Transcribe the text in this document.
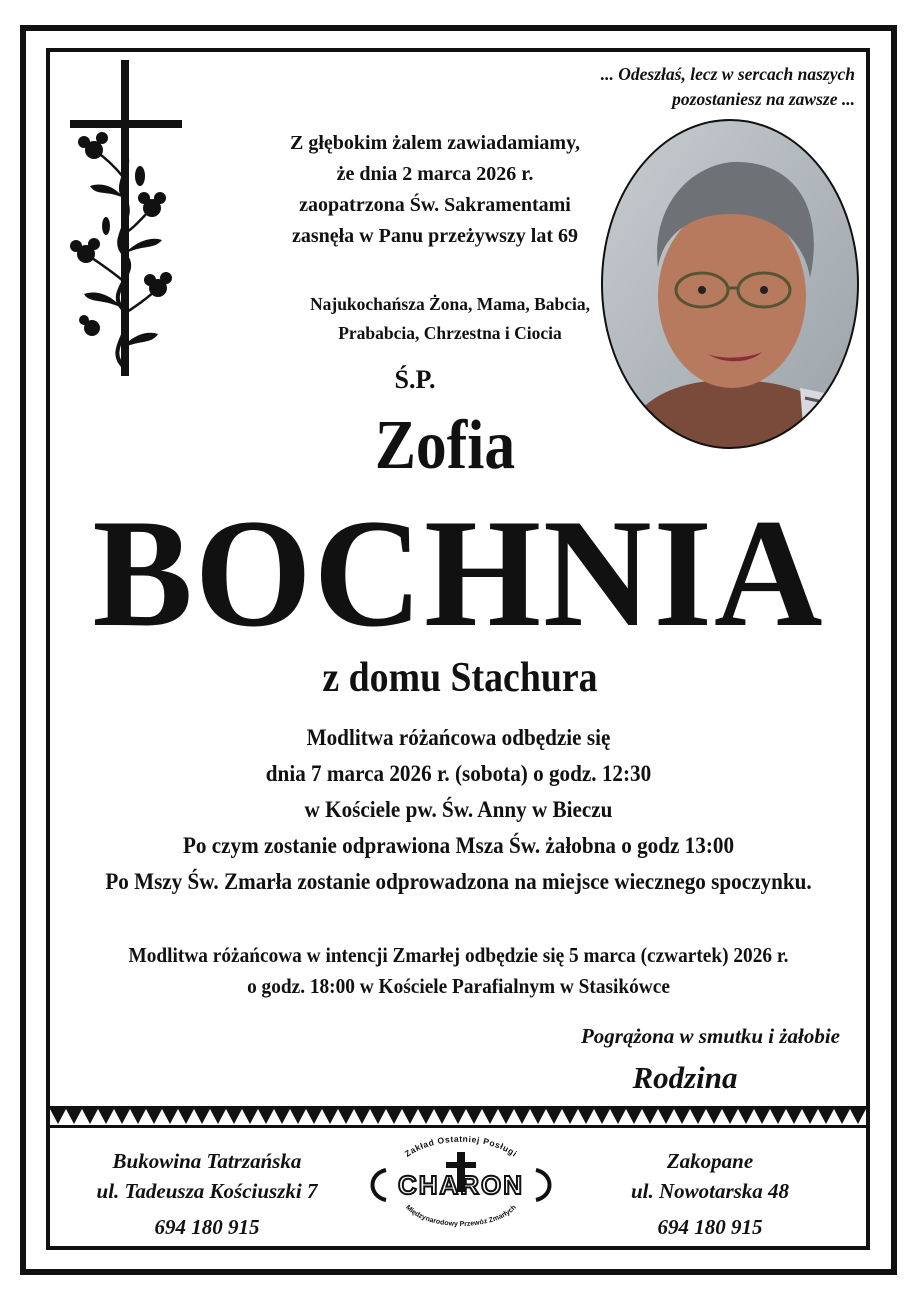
... Odeszłaś, lecz w sercach naszych
pozostaniesz na zawsze ...
Z głębokim żalem zawiadamiamy,
że dnia 2 marca 2026 r.
zaopatrzona Św. Sakramentami
zasnęła w Panu przeżywszy lat 69
Najukochańsza Żona, Mama, Babcia,
Prababcia, Chrzestna i Ciocia
Ś.P.
Zofia
BOCHNIA
z domu Stachura
Modlitwa różańcowa odbędzie się
dnia 7 marca 2026 r. (sobota) o godz. 12:30
w Kościele pw. Św. Anny w Bieczu
Po czym zostanie odprawiona Msza Św. żałobna o godz 13:00
Po Mszy Św. Zmarła zostanie odprowadzona na miejsce wiecznego spoczynku.
Modlitwa różańcowa w intencji Zmarłej odbędzie się 5 marca (czwartek) 2026 r.
o godz. 18:00 w Kościele Parafialnym w Stasikówce
Pogrążona w smutku i żałobie
Rodzina
Bukowina Tatrzańska
ul. Tadeusza Kościuszki 7
694 180 915
Zakopane
ul. Nowotarska 48
694 180 915
Zakład Ostatniej Posługi
CHARON
Międzynarodowy Przewóz Zmarłych
